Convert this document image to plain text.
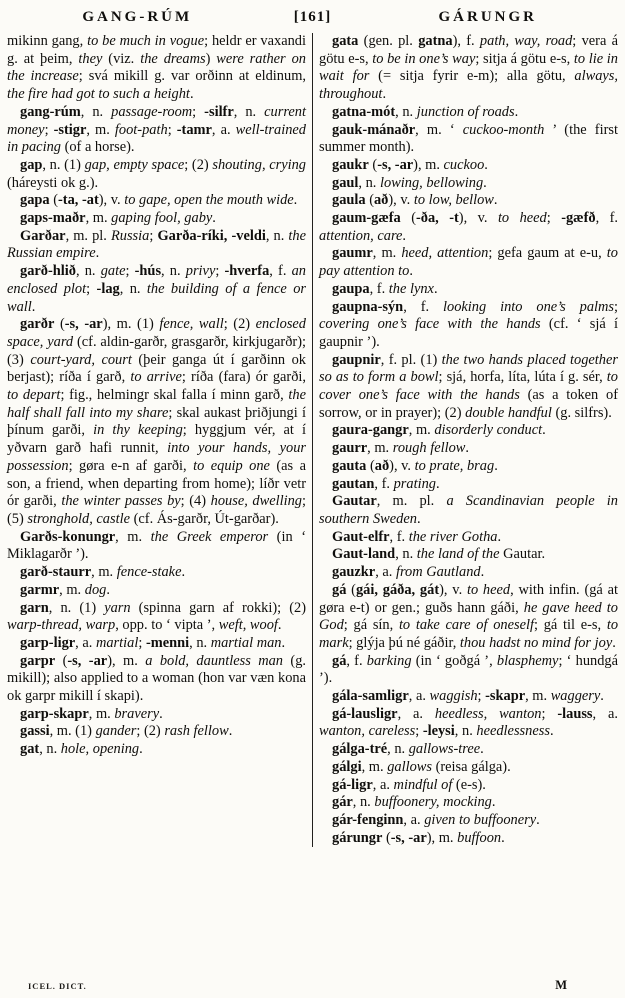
GANG-RÚM	[161]	GÁRUNGR

mikinn gang, to be much in vogue; heldr er vaxandi g. at þeim, they (viz. the dreams) were rather on the increase; svá mikill g. var orðinn at eldinum, the fire had got to such a height.

gang-rúm, n. passage-room; -silfr, n. current money; -stigr, m. foot-path; -tamr, a. well-trained in pacing (of a horse).

gap, n. (1) gap, empty space; (2) shouting, crying (háreysti ok g.).

gapa (-ta, -at), v. to gape, open the mouth wide.

gaps-maðr, m. gaping fool, gaby.

Garðar, m. pl. Russia; Garða-ríki, -veldi, n. the Russian empire.

garð-hlið, n. gate; -hús, n. privy; -hverfa, f. an enclosed plot; -lag, n. the building of a fence or wall.

garðr (-s, -ar), m. (1) fence, wall; (2) enclosed space, yard (cf. aldin-garðr, grasgarðr, kirkjugarðr); (3) court-yard, court (þeir ganga út í garðinn ok berjast); ríða í garð, to arrive; ríða (fara) ór garði, to depart; fig., helmingr skal falla í minn garð, the half shall fall into my share; skal aukast þriðjungi í þínum garði, in thy keeping; hyggjum vér, at í yðvarn garð hafi runnit, into your hands, your possession; gøra e-n af garði, to equip one (as a son, a friend, when departing from home); líðr vetr ór garði, the winter passes by; (4) house, dwelling; (5) stronghold, castle (cf. Ás-garðr, Út-garðar).

Garðs-konungr, m. the Greek emperor (in ‘ Miklagarðr ’).

garð-staurr, m. fence-stake.

garmr, m. dog.

garn, n. (1) yarn (spinna garn af rokki); (2) warp-thread, warp, opp. to ‘ vipta ’, weft, woof.

garp-ligr, a. martial; -menni, n. martial man.

garpr (-s, -ar), m. a bold, dauntless man (g. mikill); also applied to a woman (hon var væn kona ok garpr mikill í skapi).

garp-skapr, m. bravery.

gassi, m. (1) gander; (2) rash fellow.

gat, n. hole, opening.

gata (gen. pl. gatna), f. path, way, road; vera á götu e-s, to be in one’s way; sitja á götu e-s, to lie in wait for (= sitja fyrir e-m); alla götu, always, throughout.

gatna-mót, n. junction of roads.

gauk-mánaðr, m. ‘ cuckoo-month ’ (the first summer month).

gaukr (-s, -ar), m. cuckoo.

gaul, n. lowing, bellowing.

gaula (að), v. to low, bellow.

gaum-gæfa (-ða, -t), v. to heed; -gæfð, f. attention, care.

gaumr, m. heed, attention; gefa gaum at e-u, to pay attention to.

gaupa, f. the lynx.

gaupna-sýn, f. looking into one’s palms; covering one’s face with the hands (cf. ‘ sjá í gaupnir ’).

gaupnir, f. pl. (1) the two hands placed together so as to form a bowl; sjá, horfa, líta, lúta í g. sér, to cover one’s face with the hands (as a token of sorrow, or in prayer); (2) double handful (g. silfrs).

gaura-gangr, m. disorderly conduct.

gaurr, m. rough fellow.

gauta (að), v. to prate, brag.

gautan, f. prating.

Gautar, m. pl. a Scandinavian people in southern Sweden.

Gaut-elfr, f. the river Gotha.

Gaut-land, n. the land of the Gautar.

gauzkr, a. from Gautland.

gá (gái, gáða, gát), v. to heed, with infin. (gá at gøra e-t) or gen.; guðs hann gáði, he gave heed to God; gá sín, to take care of oneself; gá til e-s, to mark; glýja þú né gáðir, thou hadst no mind for joy.

gá, f. barking (in ‘ goðgá ’, blasphemy; ‘ hundgá ’).

gála-samligr, a. waggish; -skapr, m. waggery.

gá-lausligr, a. heedless, wanton; -lauss, a. wanton, careless; -leysi, n. heedlessness.

gálga-tré, n. gallows-tree.

gálgi, m. gallows (reisa gálga).

gá-ligr, a. mindful of (e-s).

gár, n. buffoonery, mocking.

gár-fenginn, a. given to buffoonery.

gárungr (-s, -ar), m. buffoon.

ICEL. DICT.	M
